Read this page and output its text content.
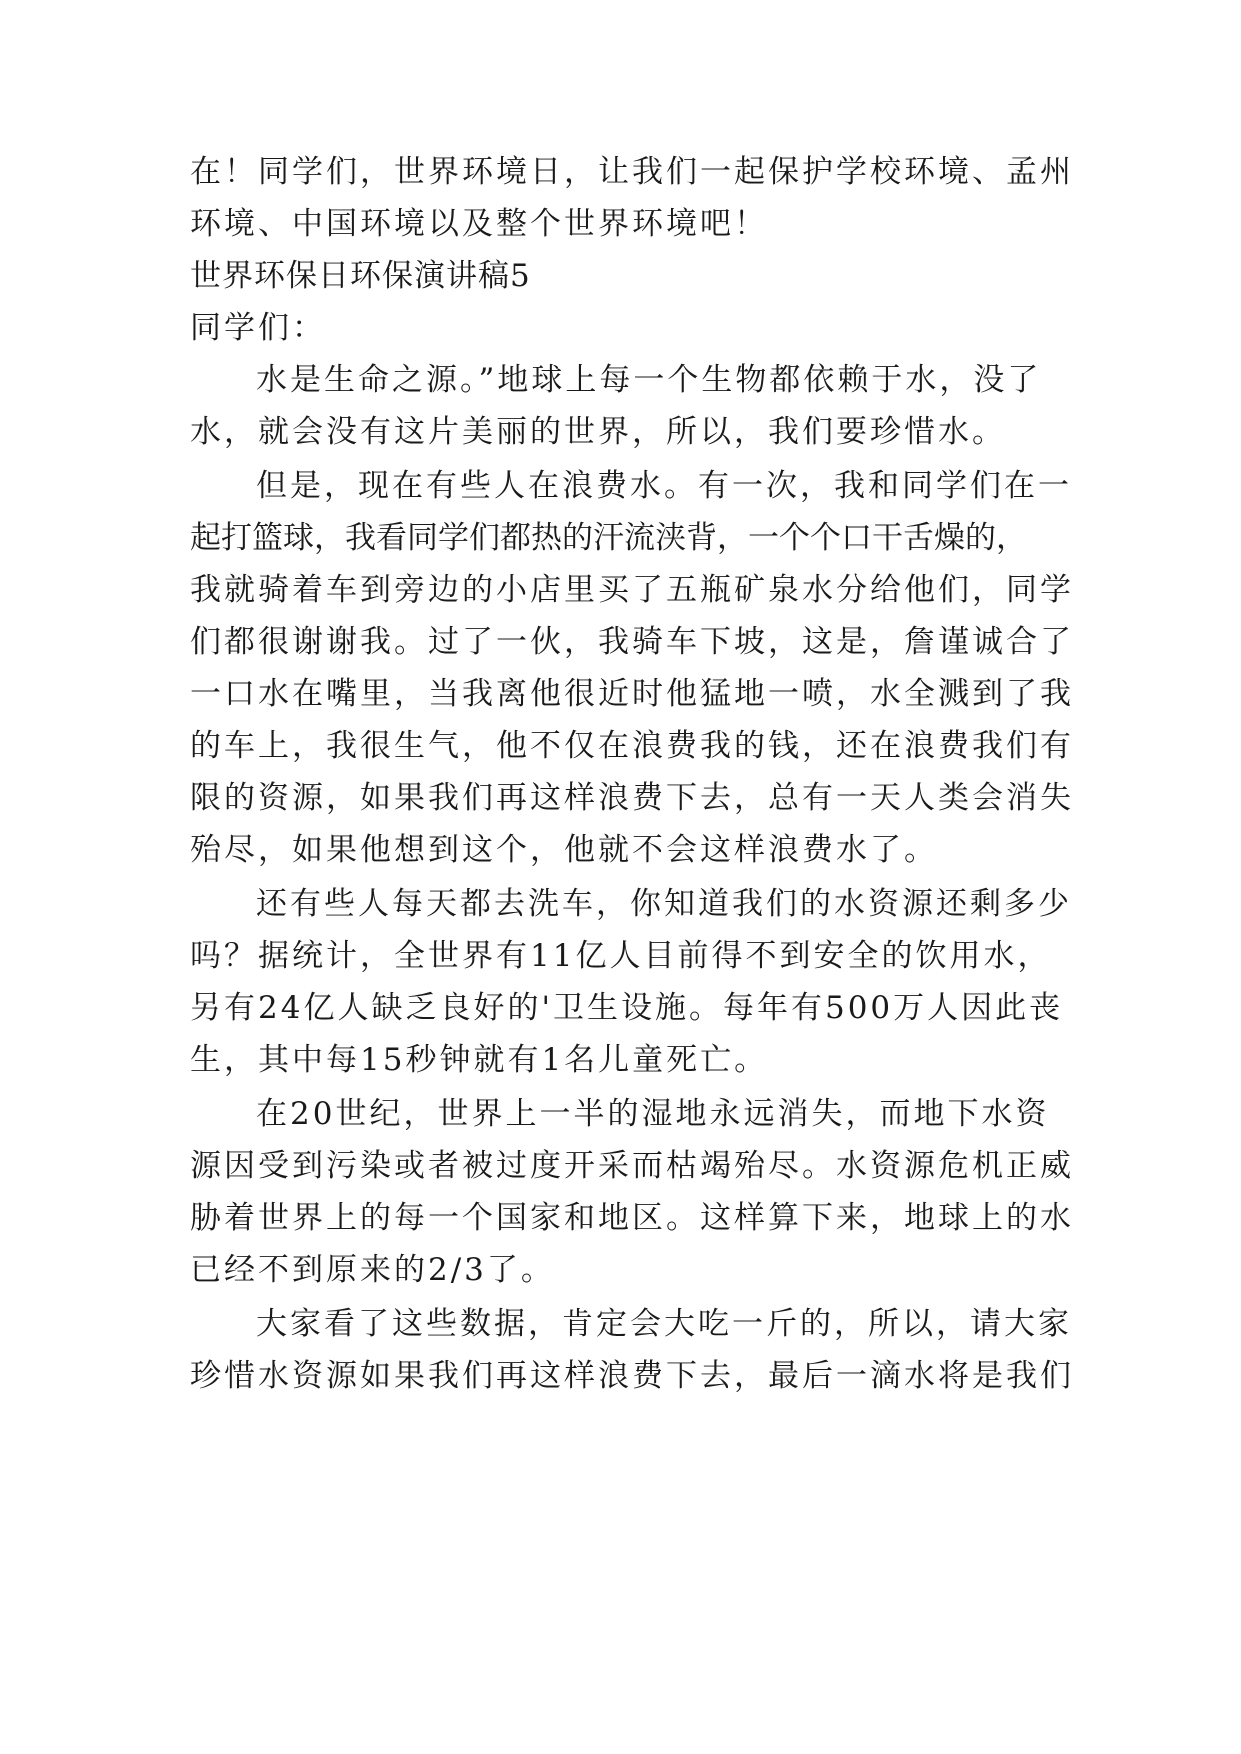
在！同学们，世界环境日，让我们一起保护学校环境、孟州
环境、中国环境以及整个世界环境吧！
世界环保日环保演讲稿5
同学们：
水是生命之源。”地球上每一个生物都依赖于水，没了
水，就会没有这片美丽的世界，所以，我们要珍惜水。
但是，现在有些人在浪费水。有一次，我和同学们在一
起打篮球，我看同学们都热的汗流浃背，一个个口干舌燥的，
我就骑着车到旁边的小店里买了五瓶矿泉水分给他们，同学
们都很谢谢我。过了一伙，我骑车下坡，这是，詹谨诚合了
一口水在嘴里，当我离他很近时他猛地一喷，水全溅到了我
的车上，我很生气，他不仅在浪费我的钱，还在浪费我们有
限的资源，如果我们再这样浪费下去，总有一天人类会消失
殆尽，如果他想到这个，他就不会这样浪费水了。
还有些人每天都去洗车，你知道我们的水资源还剩多少
吗？据统计，全世界有11亿人目前得不到安全的饮用水，
另有24亿人缺乏良好的'卫生设施。每年有500万人因此丧
生，其中每15秒钟就有1名儿童死亡。
在20世纪，世界上一半的湿地永远消失，而地下水资
源因受到污染或者被过度开采而枯竭殆尽。水资源危机正威
胁着世界上的每一个国家和地区。这样算下来，地球上的水
已经不到原来的2/3了。
大家看了这些数据，肯定会大吃一斤的，所以，请大家
珍惜水资源如果我们再这样浪费下去，最后一滴水将是我们
